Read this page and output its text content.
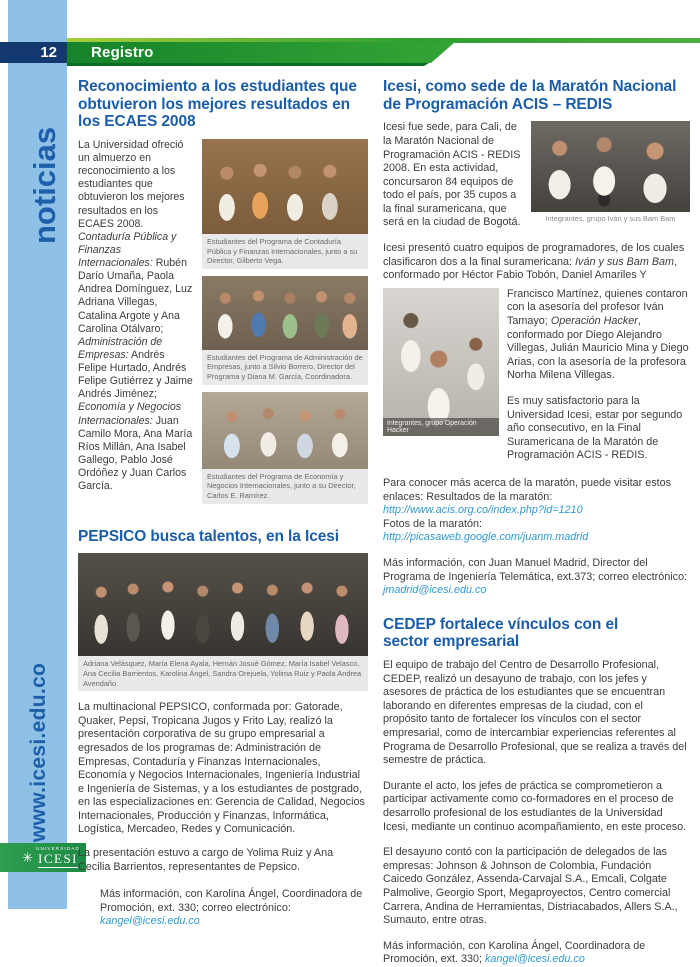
noticias
www.icesi.edu.co
✳
UNIVERSIDAD
ICESI
12	Registro
Reconocimiento a los estudiantes que obtuvieron los mejores resultados en los ECAES 2008
La Universidad ofreció un almuerzo en reconocimiento a los estudiantes que obtuvieron los mejores resultados en los ECAES 2008.
Contaduría Pública y Finanzas Internacionales: Rubén Darío Umaña, Paola Andrea Domínguez, Luz Adriana Villegas, Catalina Argote y Ana Carolina Otálvaro; Administración de Empresas: Andrés Felipe Hurtado, Andrés Felipe Gutiérrez y Jaime Andrés Jiménez; Economía y Negocios Internacionales: Juan Camilo Mora, Ana María Ríos Millán, Ana Isabel Gallego, Pablo José Ordóñez y Juan Carlos García.
Estudiantes del Programa de Contaduría Pública y Finanzas Internacionales, junto a su Director, Gilberto Vega.
Estudiantes del Programa de Administración de Empresas, junto a Silvio Borrero, Director del Programa y Diana M. García, Coordinadora.
Estudiantes del Programa de Economía y Negocios Internacionales, junto a su Director, Carlos E. Ramírez.
PEPSICO busca talentos, en la Icesi
Adriana Velásquez, María Elena Ayala, Hernán Josué Gómez, María Isabel Velasco, Ana Cecilia Barrientos, Karolina Ángel, Sandra Orejuela, Yolima Ruiz y Paola Andrea Avendaño.

La multinacional PEPSICO, conformada por: Gatorade, Quaker, Pepsi, Tropicana Jugos y Frito Lay, realizó la presentación corporativa de su grupo empresarial a egresados de los programas de: Administración de Empresas, Contaduría y Finanzas Internacionales, Economía y Negocios Internacionales, Ingeniería Industrial e Ingeniería de Sistemas, y a los estudiantes de postgrado, en las especializaciones en: Gerencia de Calidad, Negocios Internacionales, Producción y Finanzas, Informática, Logística, Mercadeo, Redes y Comunicación.

La presentación estuvo a cargo de Yolima Ruiz y Ana Cecilia Barrientos, representantes de Pepsico.

Más información, con Karolina Ángel, Coordinadora de Promoción, ext. 330; correo electrónico: kangel@icesi.edu.co

Icesi, como sede de la Maratón Nacional de Programación ACIS – REDIS

Icesi fue sede, para Cali, de la Maratón Nacional de Programación ACIS - REDIS 2008. En esta actividad, concursaron 84 equipos de todo el país, por 35 cupos a la final suramericana, que será en la ciudad de Bogotá.	Integrantes, grupo Iván y sus Bam Bam

Icesi presentó cuatro equipos de programadores, de los cuales clasificaron dos a la final suramericana: Iván y sus Bam Bam, conformado por Héctor Fabio Tobón, Daniel Amariles Y

Integrantes, grupo Operación Hacker

Francisco Martínez, quienes contaron con la asesoría del profesor Iván Tamayo; Operación Hacker, conformado por Diego Alejandro Villegas, Julián Mauricio Mina y Diego Arias, con la asesoría de la profesora Norha Milena Villegas.

Es muy satisfactorio para la Universidad Icesi, estar por segundo año consecutivo, en la Final Suramericana de la Maratón de Programación ACIS - REDIS.

Para conocer más acerca de la maratón, puede visitar estos enlaces: Resultados de la maratón:
http://www.acis.org.co/index.php?id=1210
Fotos de la maratón: http://picasaweb.google.com/juanm.madrid

Más información, con Juan Manuel Madrid, Director del Programa de Ingeniería Telemática, ext.373; correo electrónico: jmadrid@icesi.edu.co

CEDEP fortalece vínculos con el sector empresarial

El equipo de trabajo del Centro de Desarrollo Profesional, CEDEP, realizó un desayuno de trabajo, con los jefes y asesores de práctica de los estudiantes que se encuentran laborando en diferentes empresas de la ciudad, con el propósito tanto de fortalecer los vínculos con el sector empresarial, como de intercambiar experiencias referentes al Programa de Desarrollo Profesional, que se realiza a través del semestre de práctica.

Durante el acto, los jefes de práctica se comprometieron a participar activamente como co-formadores en el proceso de desarrollo profesional de los estudiantes de la Universidad Icesi, mediante un continuo acompañamiento, en este proceso.

El desayuno contó con la participación de delegados de las empresas: Johnson & Johnson de Colombia, Fundación Caicedo González, Assenda-Carvajal S.A., Emcali, Colgate Palmolive, Georgio Sport, Megaproyectos, Centro comercial Carrera, Andina de Herramientas, Distriacabados, Allers S.A., Sumauto, entre otras.

Más información, con Karolina Ángel, Coordinadora de Promoción, ext. 330; kangel@icesi.edu.co
